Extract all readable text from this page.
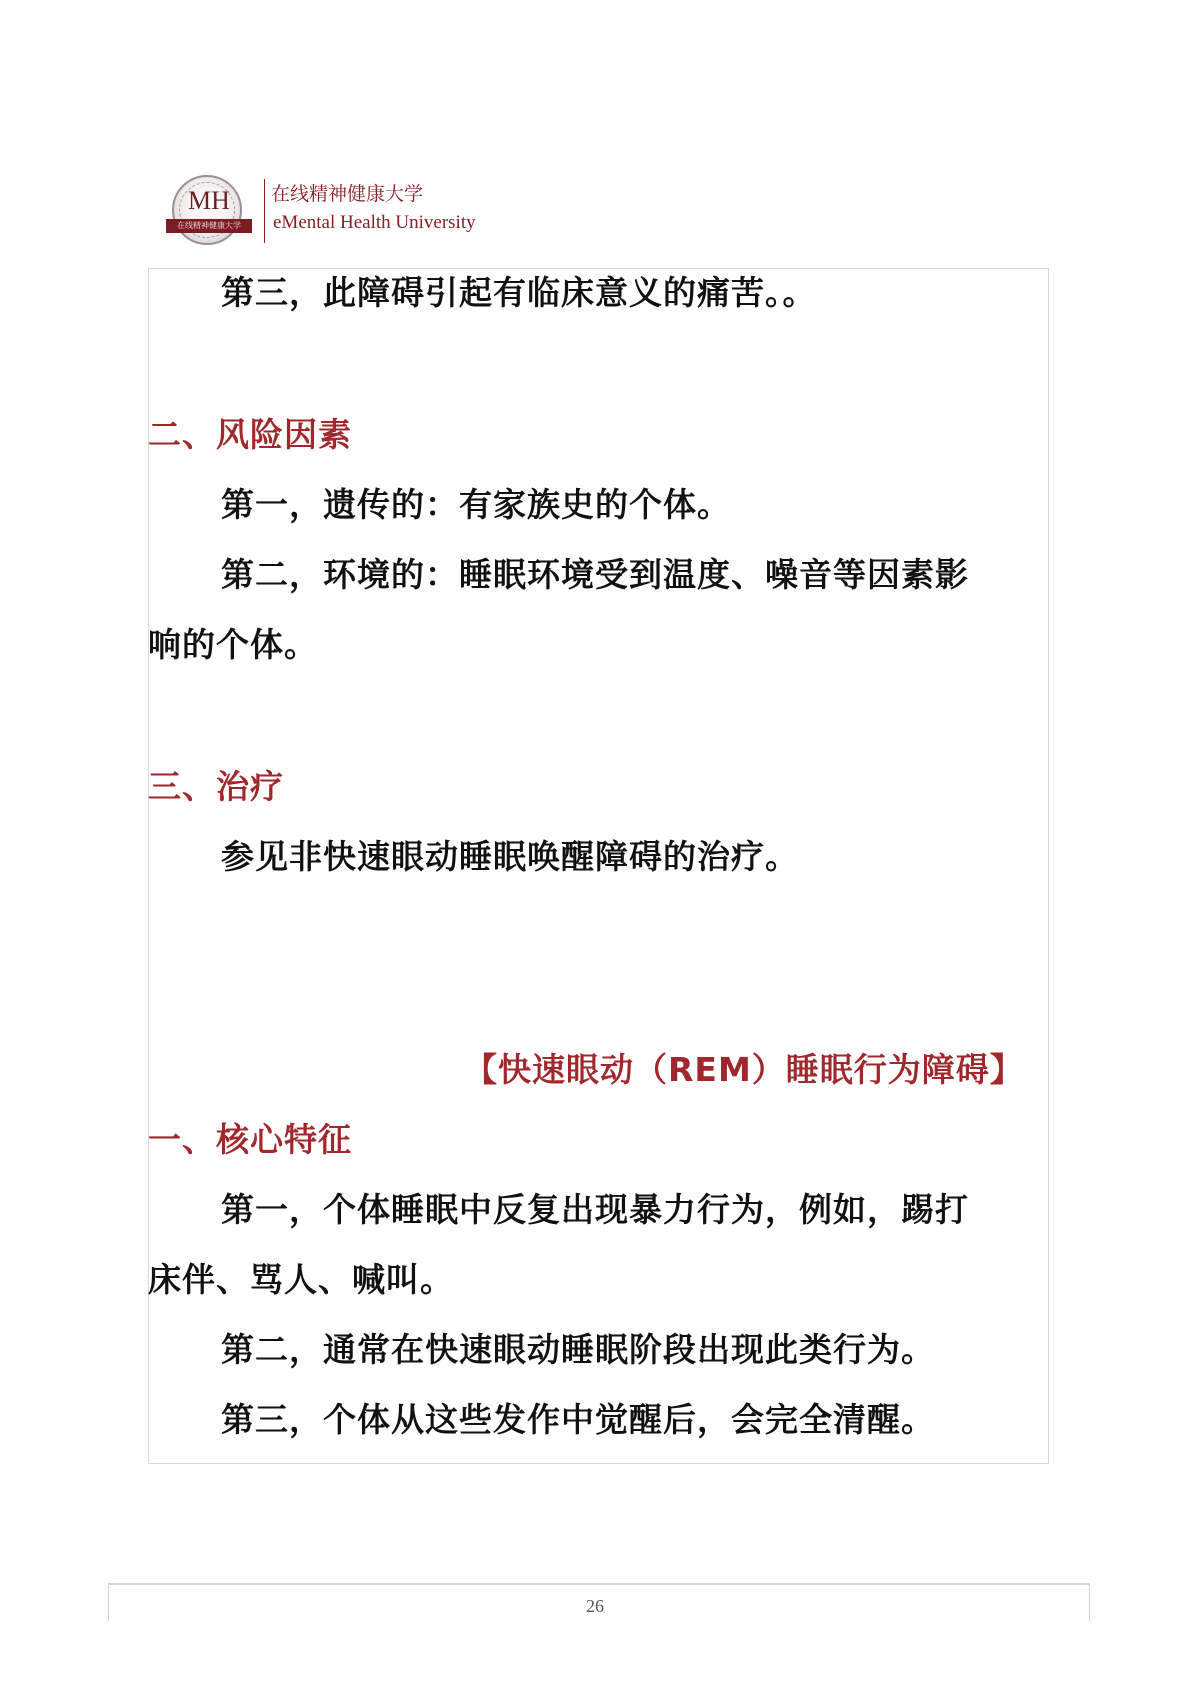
MH
在线精神健康大学
在线精神健康大学
eMental Health University
第三，此障碍引起有临床意义的痛苦。。
二、风险因素
第一，遗传的：有家族史的个体。
第二，环境的：睡眠环境受到温度、噪音等因素影
响的个体。
三、治疗
参见非快速眼动睡眠唤醒障碍的治疗。
【快速眼动（REM）睡眠行为障碍】
一、核心特征
第一，个体睡眠中反复出现暴力行为，例如，踢打
床伴、骂人、喊叫。
第二，通常在快速眼动睡眠阶段出现此类行为。
第三，个体从这些发作中觉醒后，会完全清醒。
26
